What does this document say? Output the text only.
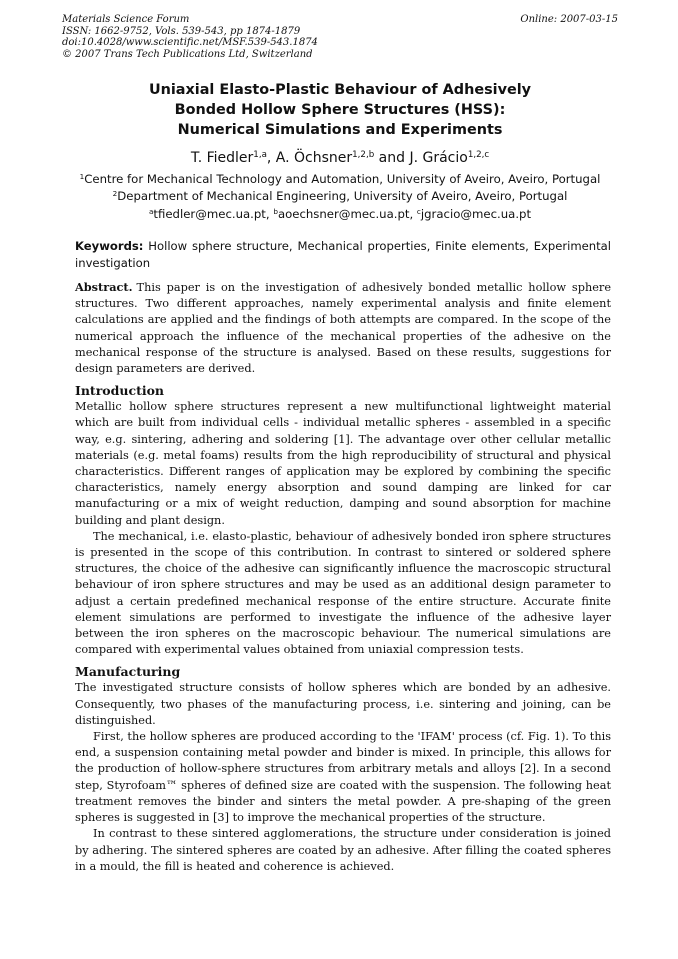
Materials Science Forum
ISSN: 1662-9752, Vols. 539-543, pp 1874-1879
doi:10.4028/www.scientific.net/MSF.539-543.1874
© 2007 Trans Tech Publications Ltd, Switzerland
Online: 2007-03-15
Uniaxial Elasto-Plastic Behaviour of Adhesively
Bonded Hollow Sphere Structures (HSS):
Numerical Simulations and Experiments
T. Fiedler$^{1,a}$, A. Öchsner$^{1,2,b}$ and J. Grácio$^{1,2,c}$
$^1$Centre for Mechanical Technology and Automation, University of Aveiro, Aveiro, Portugal
$^2$Department of Mechanical Engineering, University of Aveiro, Aveiro, Portugal
$^a$tfiedler@mec.ua.pt, $^b$aoechsner@mec.ua.pt, $^c$jgracio@mec.ua.pt
Keywords: Hollow sphere structure, Mechanical properties, Finite elements, Experimental investigation

Abstract. This paper is on the investigation of adhesively bonded metallic hollow sphere structures. Two different approaches, namely experimental analysis and finite element calculations are applied and the findings of both attempts are compared. In the scope of the numerical approach the influence of the mechanical properties of the adhesive on the mechanical response of the structure is analysed. Based on these results, suggestions for design parameters are derived.

Introduction

Metallic hollow sphere structures represent a new multifunctional lightweight material which are built from individual cells - individual metallic spheres - assembled in a specific way, e.g. sintering, adhering and soldering [1]. The advantage over other cellular metallic materials (e.g. metal foams) results from the high reproducibility of structural and physical characteristics. Different ranges of application may be explored by combining the specific characteristics, namely energy absorption and sound damping are linked for car manufacturing or a mix of weight reduction, damping and sound absorption for machine building and plant design.

The mechanical, i.e. elasto-plastic, behaviour of adhesively bonded iron sphere structures is presented in the scope of this contribution. In contrast to sintered or soldered sphere structures, the choice of the adhesive can significantly influence the macroscopic structural behaviour of iron sphere structures and may be used as an additional design parameter to adjust a certain predefined mechanical response of the entire structure. Accurate finite element simulations are performed to investigate the influence of the adhesive layer between the iron spheres on the macroscopic behaviour. The numerical simulations are compared with experimental values obtained from uniaxial compression tests.

Manufacturing

The investigated structure consists of hollow spheres which are bonded by an adhesive. Consequently, two phases of the manufacturing process, i.e. sintering and joining, can be distinguished.

First, the hollow spheres are produced according to the 'IFAM' process (cf. Fig. 1). To this end, a suspension containing metal powder and binder is mixed. In principle, this allows for the production of hollow-sphere structures from arbitrary metals and alloys [2]. In a second step, Styrofoam™ spheres of defined size are coated with the suspension. The following heat treatment removes the binder and sinters the metal powder. A pre-shaping of the green spheres is suggested in [3] to improve the mechanical properties of the structure.

In contrast to these sintered agglomerations, the structure under consideration is joined by adhering. The sintered spheres are coated by an adhesive. After filling the coated spheres in a mould, the fill is heated and coherence is achieved.
